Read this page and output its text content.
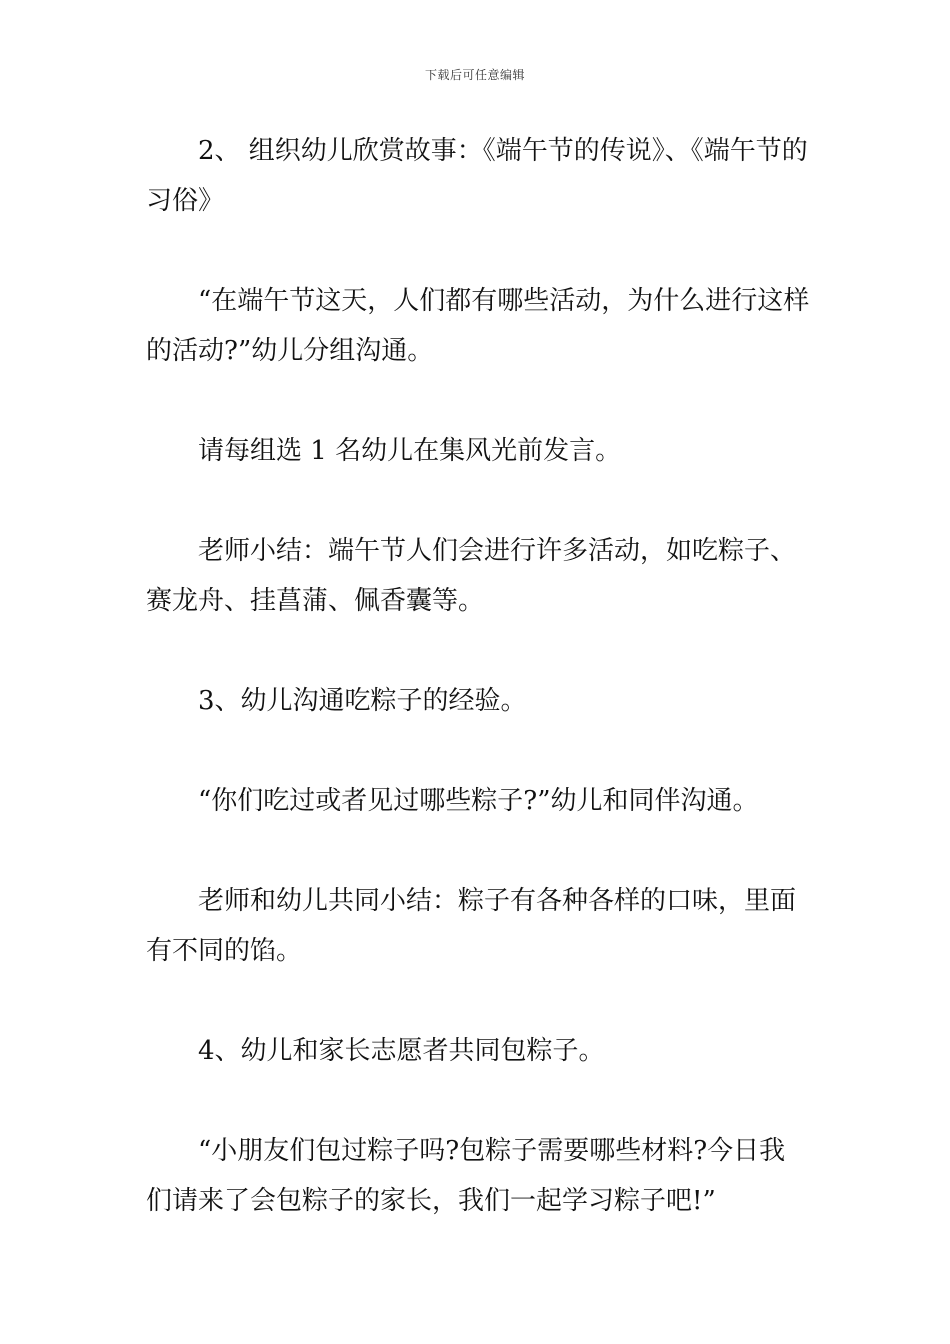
下载后可任意编辑

2、 组织幼儿欣赏故事：《端午节的传说》、《端午节的习俗》

“在端午节这天，人们都有哪些活动，为什么进行这样的活动?”幼儿分组沟通。

请每组选 1 名幼儿在集风光前发言。

老师小结：端午节人们会进行许多活动，如吃粽子、赛龙舟、挂菖蒲、佩香囊等。

3、幼儿沟通吃粽子的经验。

“你们吃过或者见过哪些粽子?”幼儿和同伴沟通。

老师和幼儿共同小结：粽子有各种各样的口味，里面有不同的馅。

4、幼儿和家长志愿者共同包粽子。

“小朋友们包过粽子吗?包粽子需要哪些材料?今日我们请来了会包粽子的家长，我们一起学习粽子吧!”
